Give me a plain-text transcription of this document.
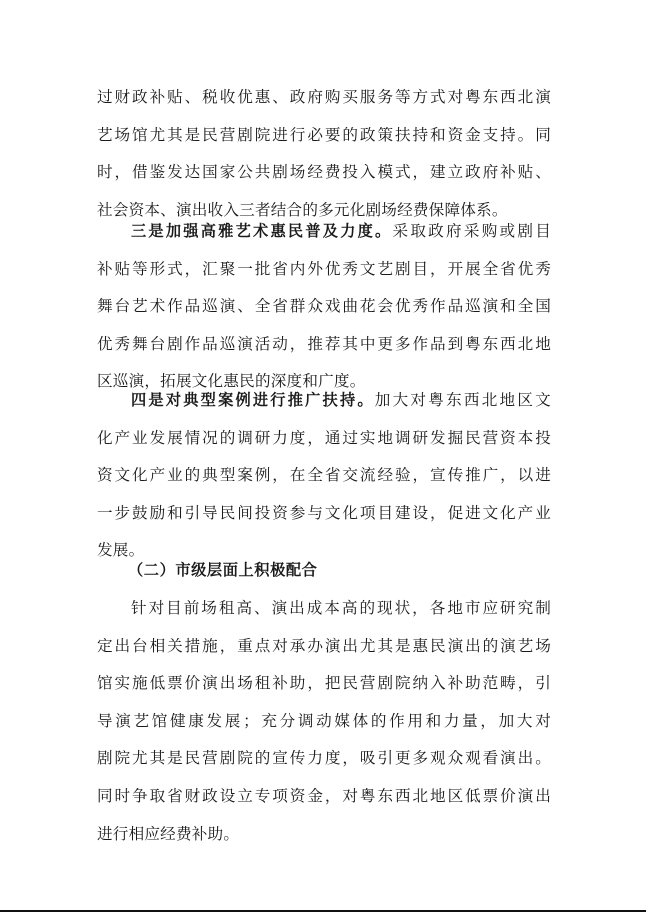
过财政补贴、税收优惠、政府购买服务等方式对粤东西北演
艺场馆尤其是民营剧院进行必要的政策扶持和资金支持。同
时，借鉴发达国家公共剧场经费投入模式，建立政府补贴、
社会资本、演出收入三者结合的多元化剧场经费保障体系。
三是加强高雅艺术惠民普及力度。采取政府采购或剧目
补贴等形式，汇聚一批省内外优秀文艺剧目，开展全省优秀
舞台艺术作品巡演、全省群众戏曲花会优秀作品巡演和全国
优秀舞台剧作品巡演活动，推荐其中更多作品到粤东西北地
区巡演，拓展文化惠民的深度和广度。
四是对典型案例进行推广扶持。加大对粤东西北地区文
化产业发展情况的调研力度，通过实地调研发掘民营资本投
资文化产业的典型案例，在全省交流经验，宣传推广，以进
一步鼓励和引导民间投资参与文化项目建设，促进文化产业
发展。
（二）市级层面上积极配合
针对目前场租高、演出成本高的现状，各地市应研究制
定出台相关措施，重点对承办演出尤其是惠民演出的演艺场
馆实施低票价演出场租补助，把民营剧院纳入补助范畴，引
导演艺馆健康发展；充分调动媒体的作用和力量，加大对
剧院尤其是民营剧院的宣传力度，吸引更多观众观看演出。
同时争取省财政设立专项资金，对粤东西北地区低票价演出
进行相应经费补助。
